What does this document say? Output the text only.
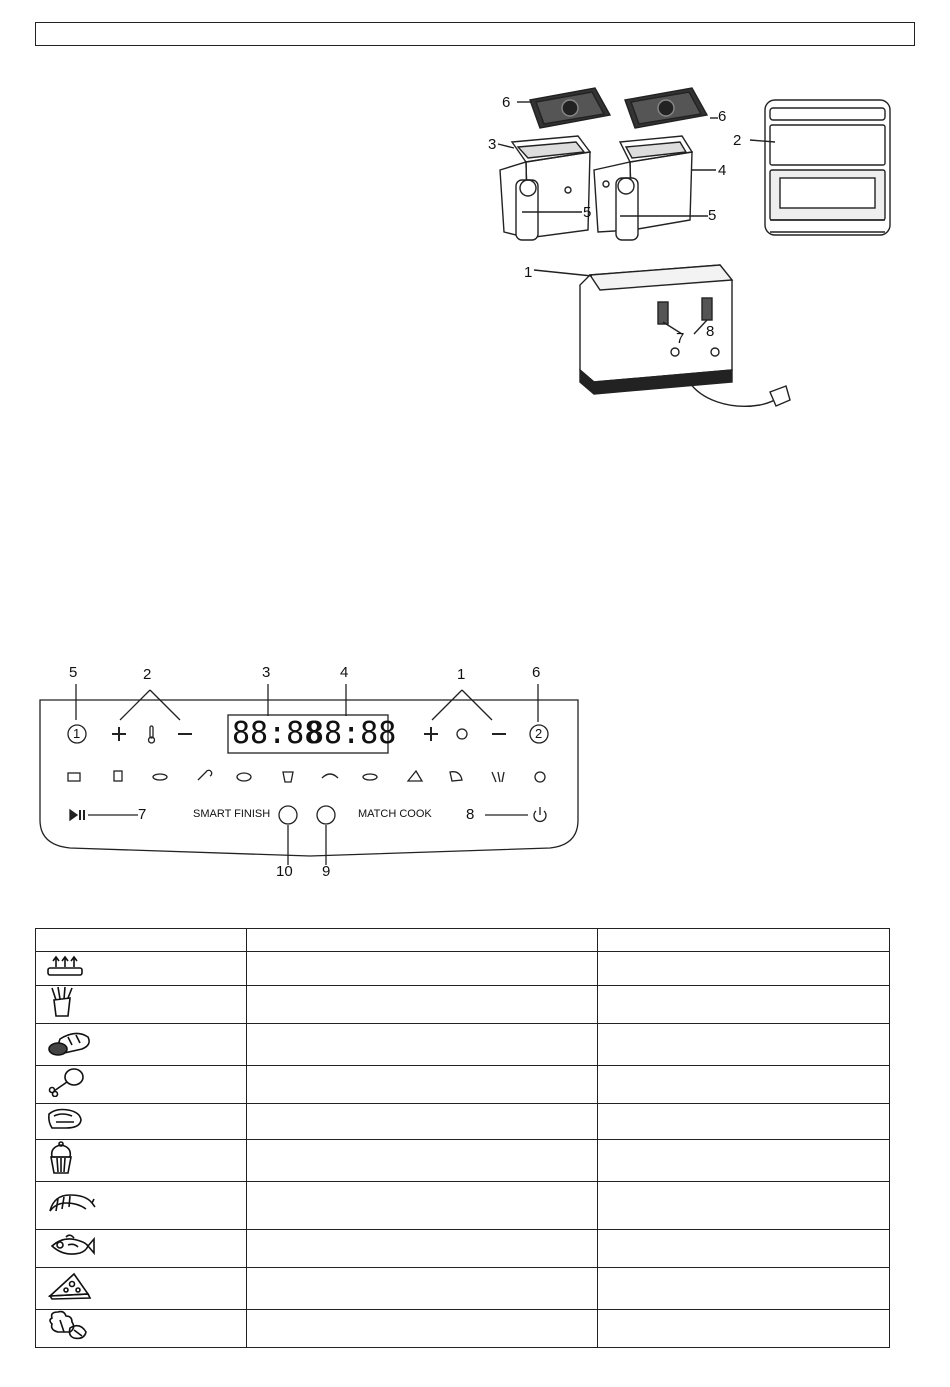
6
6
3	2
4
5	5
1
7 8
88:88
88:88
1	2
SMART FINISH	MATCH COOK
5	2	3	4	1	6
7	8
10 9
